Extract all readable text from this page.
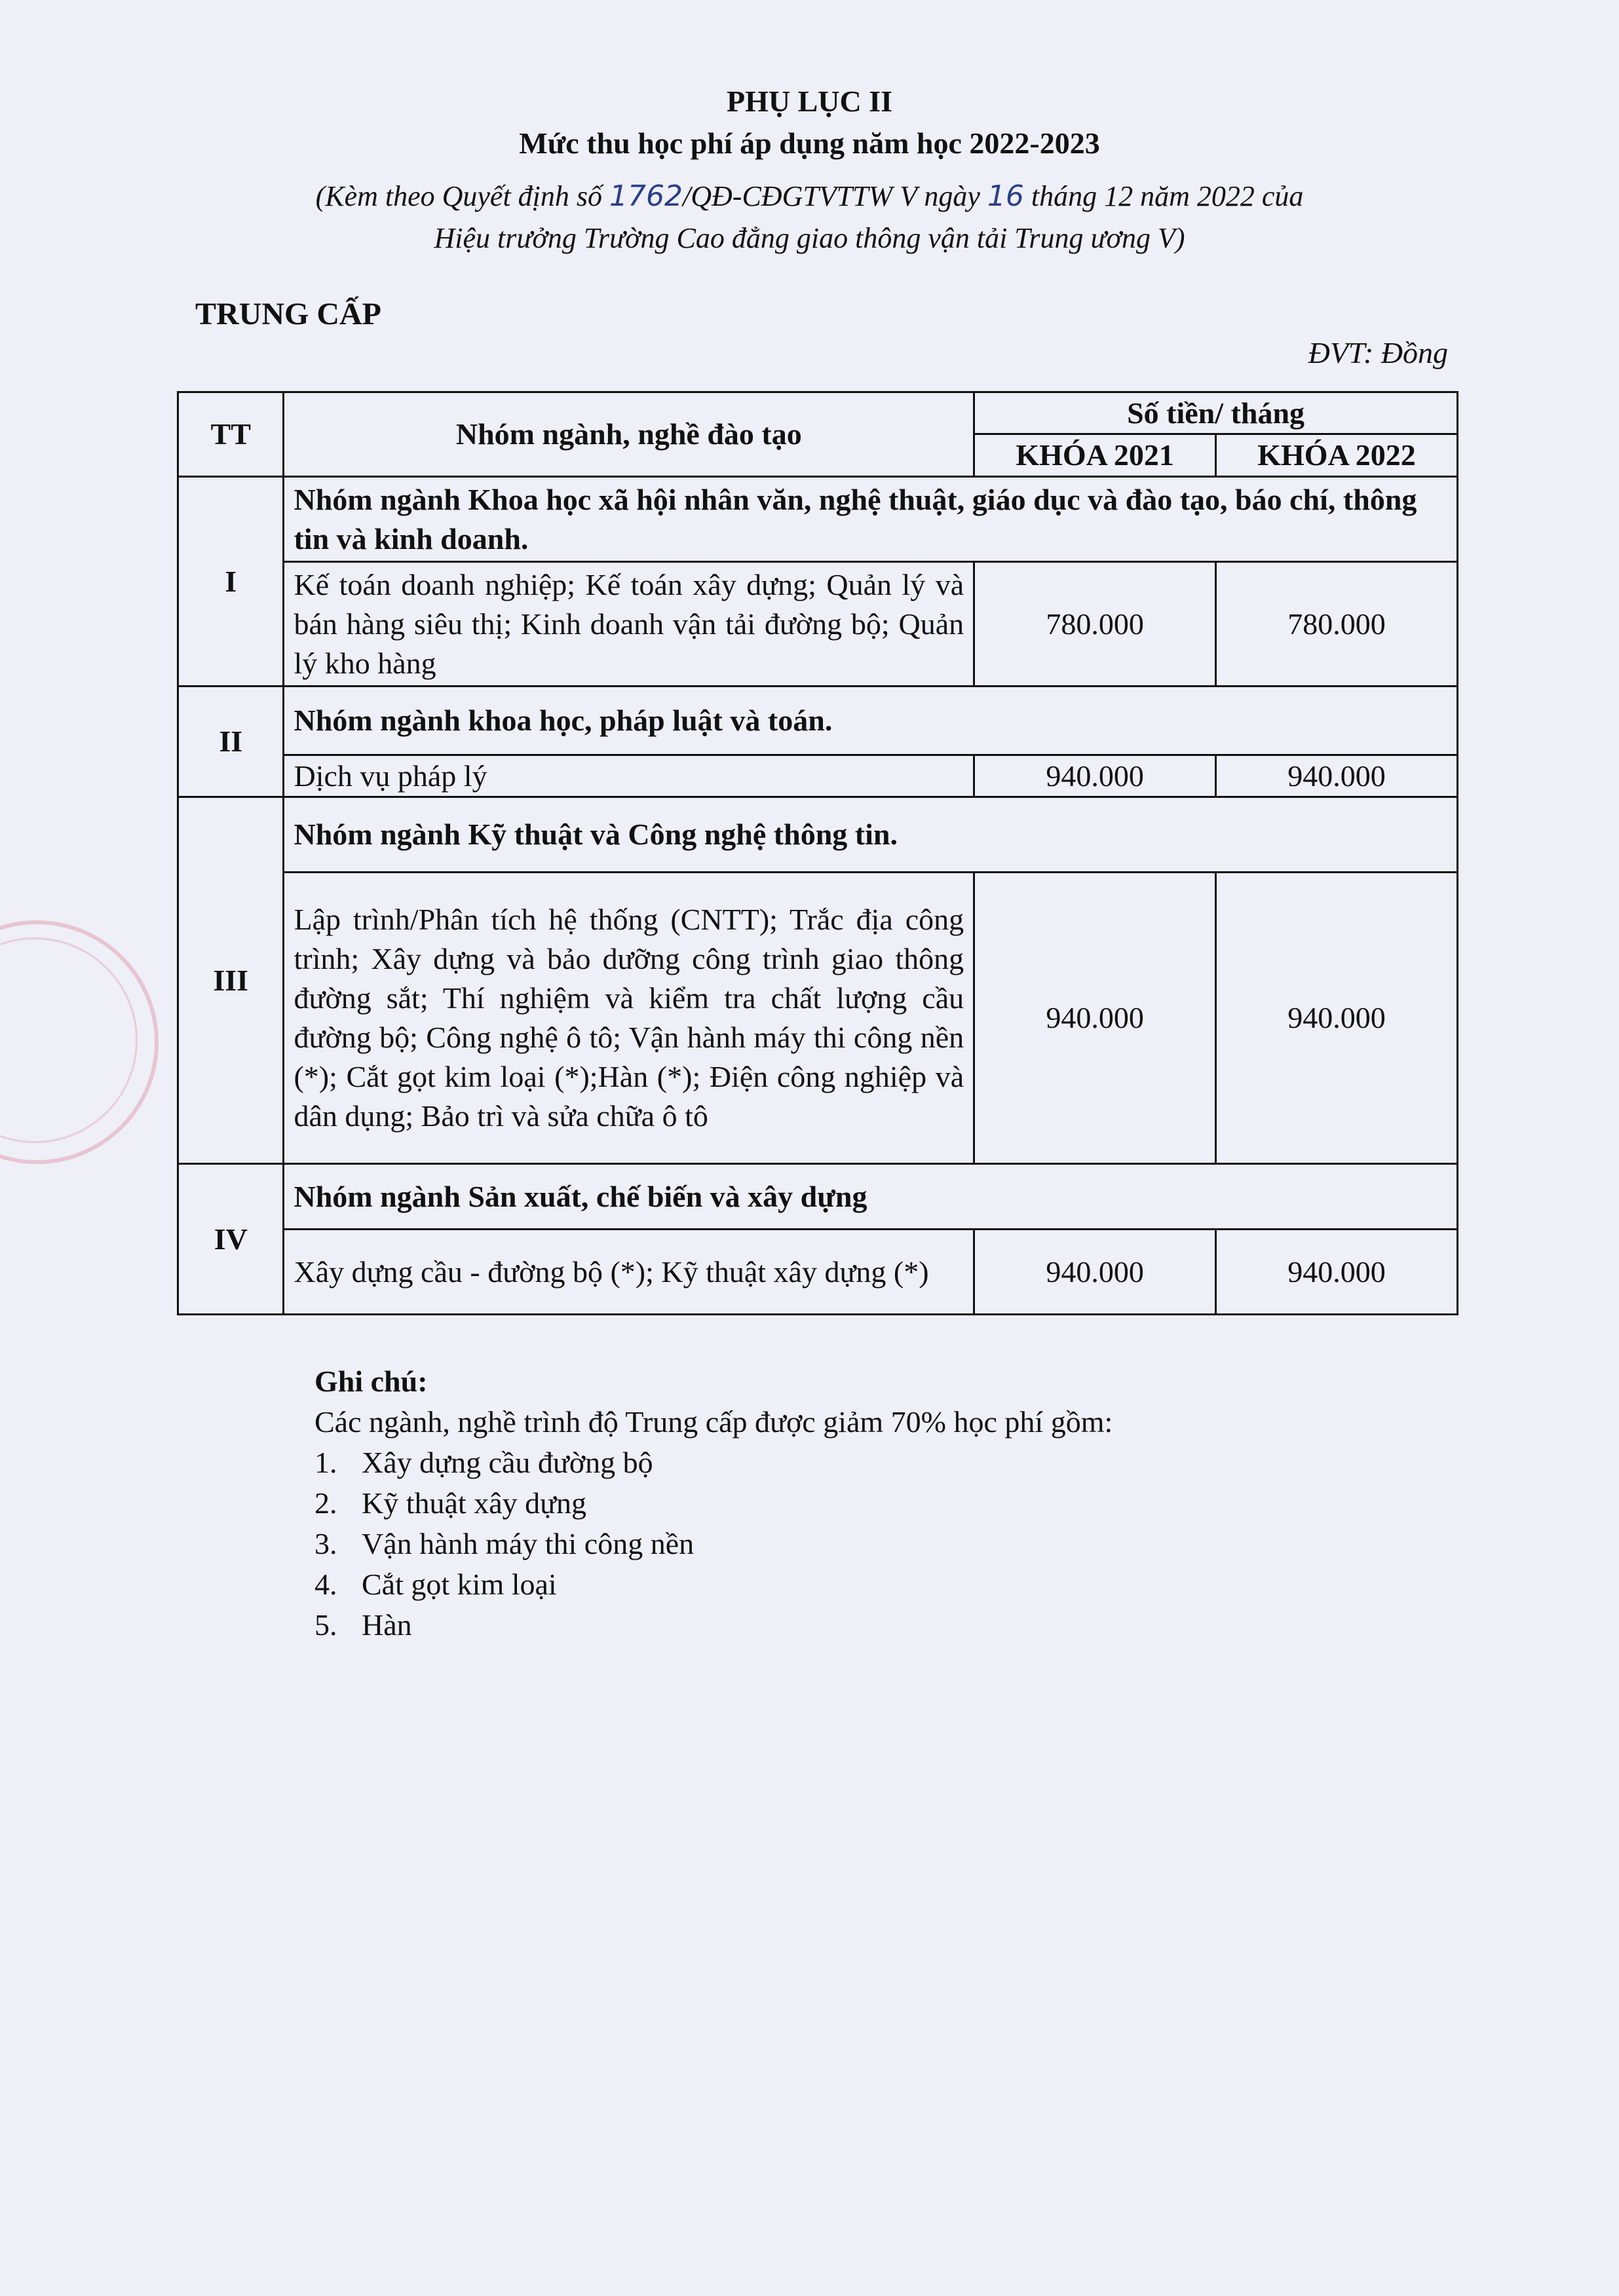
PHỤ LỤC II
Mức thu học phí áp dụng năm học 2022-2023
(Kèm theo Quyết định số 1762/QĐ-CĐGTVTTW V ngày 16 tháng 12 năm 2022 của
Hiệu trưởng Trường Cao đẳng giao thông vận tải Trung ương V)
TRUNG CẤP
ĐVT: Đồng
TT	Nhóm ngành, nghề đào tạo	Số tiền/ tháng	
		KHÓA 2021	KHÓA 2022
I	Nhóm ngành Khoa học xã hội nhân văn, nghệ thuật, giáo dục và đào tạo, báo chí, thông tin và kinh doanh.		
	Kế toán doanh nghiệp; Kế toán xây dựng; Quản lý và bán hàng siêu thị; Kinh doanh vận tải đường bộ; Quản lý kho hàng	780.000	780.000
II	Nhóm ngành khoa học, pháp luật và toán.		
	Dịch vụ pháp lý	940.000	940.000
III	Nhóm ngành Kỹ thuật và Công nghệ thông tin.		
	Lập trình/Phân tích hệ thống (CNTT); Trắc địa công trình; Xây dựng và bảo dưỡng công trình giao thông đường sắt; Thí nghiệm và kiểm tra chất lượng cầu đường bộ; Công nghệ ô tô; Vận hành máy thi công nền (*); Cắt gọt kim loại (*);Hàn (*); Điện công nghiệp và dân dụng; Bảo trì và sửa chữa ô tô	940.000	940.000
IV	Nhóm ngành Sản xuất, chế biến và xây dựng		
	Xây dựng cầu - đường bộ (*); Kỹ thuật xây dựng (*)	940.000	940.000
Ghi chú:
Các ngành, nghề trình độ Trung cấp được giảm 70% học phí gồm:
1. Xây dựng cầu đường bộ
2. Kỹ thuật xây dựng
3. Vận hành máy thi công nền
4. Cắt gọt kim loại
5. Hàn
